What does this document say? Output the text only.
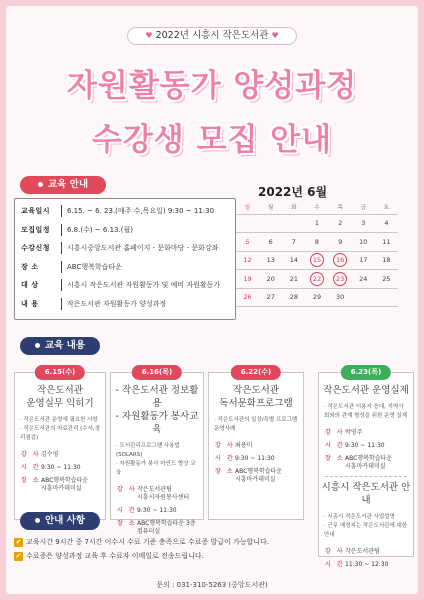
♥ 2022년 시흥시 작은도서관 ♥
자원활동가 양성과정
수강생 모집 안내
교육 안내
교육일시	6.15. ~ 6. 23.(매주 수,목요일) 9:30 ~ 11:30
모집일정	6.8.(수) ~ 6.13.(월)
수강신청	시흥시중앙도서관 홈페이지 - 문화마당 - 문화강좌
장 소	ABC행복학습타운
대 상	시흥시 작은도서관 자원활동가 및 예비 자원활동가
내 용	작은도서관 자원활동가 양성과정
2022년 6월
일	월	화	수	목	금	토
			1	2	3	4
5	6	7	8	9	10	11
12	13	14	15	16	17	18
19	20	21	22	23	24	25
26	27	28	29	30		
교육 내용
6.15(수)
작은도서관
운영실무 익히기
· 작은도서관 운영에 필요한 사항
· 작은도서관의 자료관리 (수서,정리점검)
강 사 김수영
시 간 9:30 ~ 11:30
장 소 ABC행복학습타운
시흥마카데미실
6.16(목)
- 작은도서관 정보활용
- 자원활동가 봉사교육
· 도서관리프로그램 사용법 (SOLARS)
· 자원활동가 봉사 마인드 향상 교육
강 사 작은도서관팀
시흥시자원봉사센터
시 간 9:30 ~ 11:30
장 소 ABC행복학습타운 3층
컴퓨터실
6.22(수)
작은도서관
독서문화프로그램
· 작은도서관의 일상/특별 프로그램 운영사례
강 사 최용미
시 간 9:30 ~ 11:30
장 소 ABC행복학습타운
시흥마카데미실
6.23(목)
작은도서관 운영실제
· 작은도서관 이용자 응대, 지역사회와의 관계 형성을 위한 운영 실제
강 사 박영주
시 간 9:30 ~ 11:30
장 소 ABC행복학습타운
시흥마카데미실
시흥시 작은도서관 안내
· 시흥시 작은도서관 사업설명
· 근무 예정지는 작은도서관에 대한 안내
강 사 작은도서관팀
시 간 11:30 ~ 12:30
안내 사항
✔ 교육시간 9시간 중 7시간 이수시 수료 기준 충족으로 수료증 발급이 가능합니다.
✔ 수료증은 양성과정 교육 후 수료자 이메일로 전송드립니다.
문의 : 031-310-5263 (중앙도서관)
